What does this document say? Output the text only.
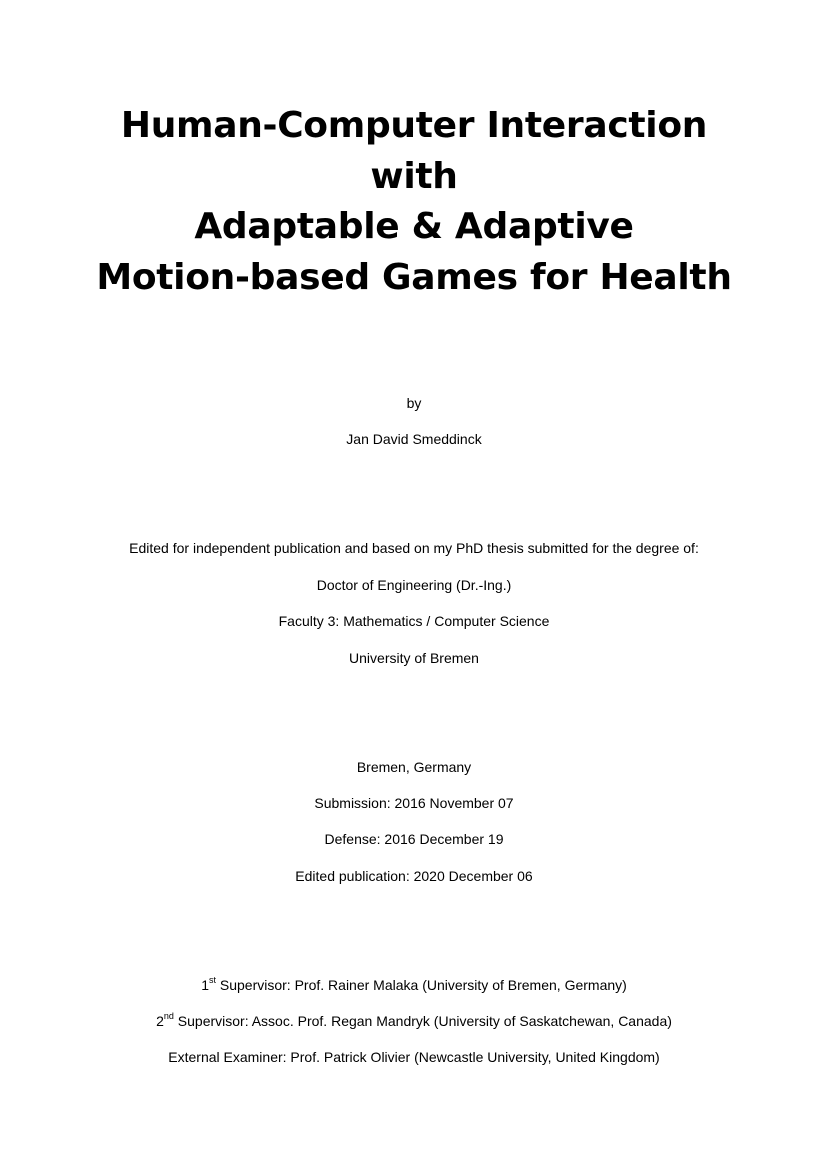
Human-Computer Interaction
with
Adaptable & Adaptive
Motion-based Games for Health
by
Jan David Smeddinck
Edited for independent publication and based on my PhD thesis submitted for the degree of:
Doctor of Engineering (Dr.-Ing.)
Faculty 3: Mathematics / Computer Science
University of Bremen
Bremen, Germany
Submission: 2016 November 07
Defense: 2016 December 19
Edited publication: 2020 December 06
1st Supervisor: Prof. Rainer Malaka (University of Bremen, Germany)
2nd Supervisor: Assoc. Prof. Regan Mandryk (University of Saskatchewan, Canada)
External Examiner: Prof. Patrick Olivier (Newcastle University, United Kingdom)
